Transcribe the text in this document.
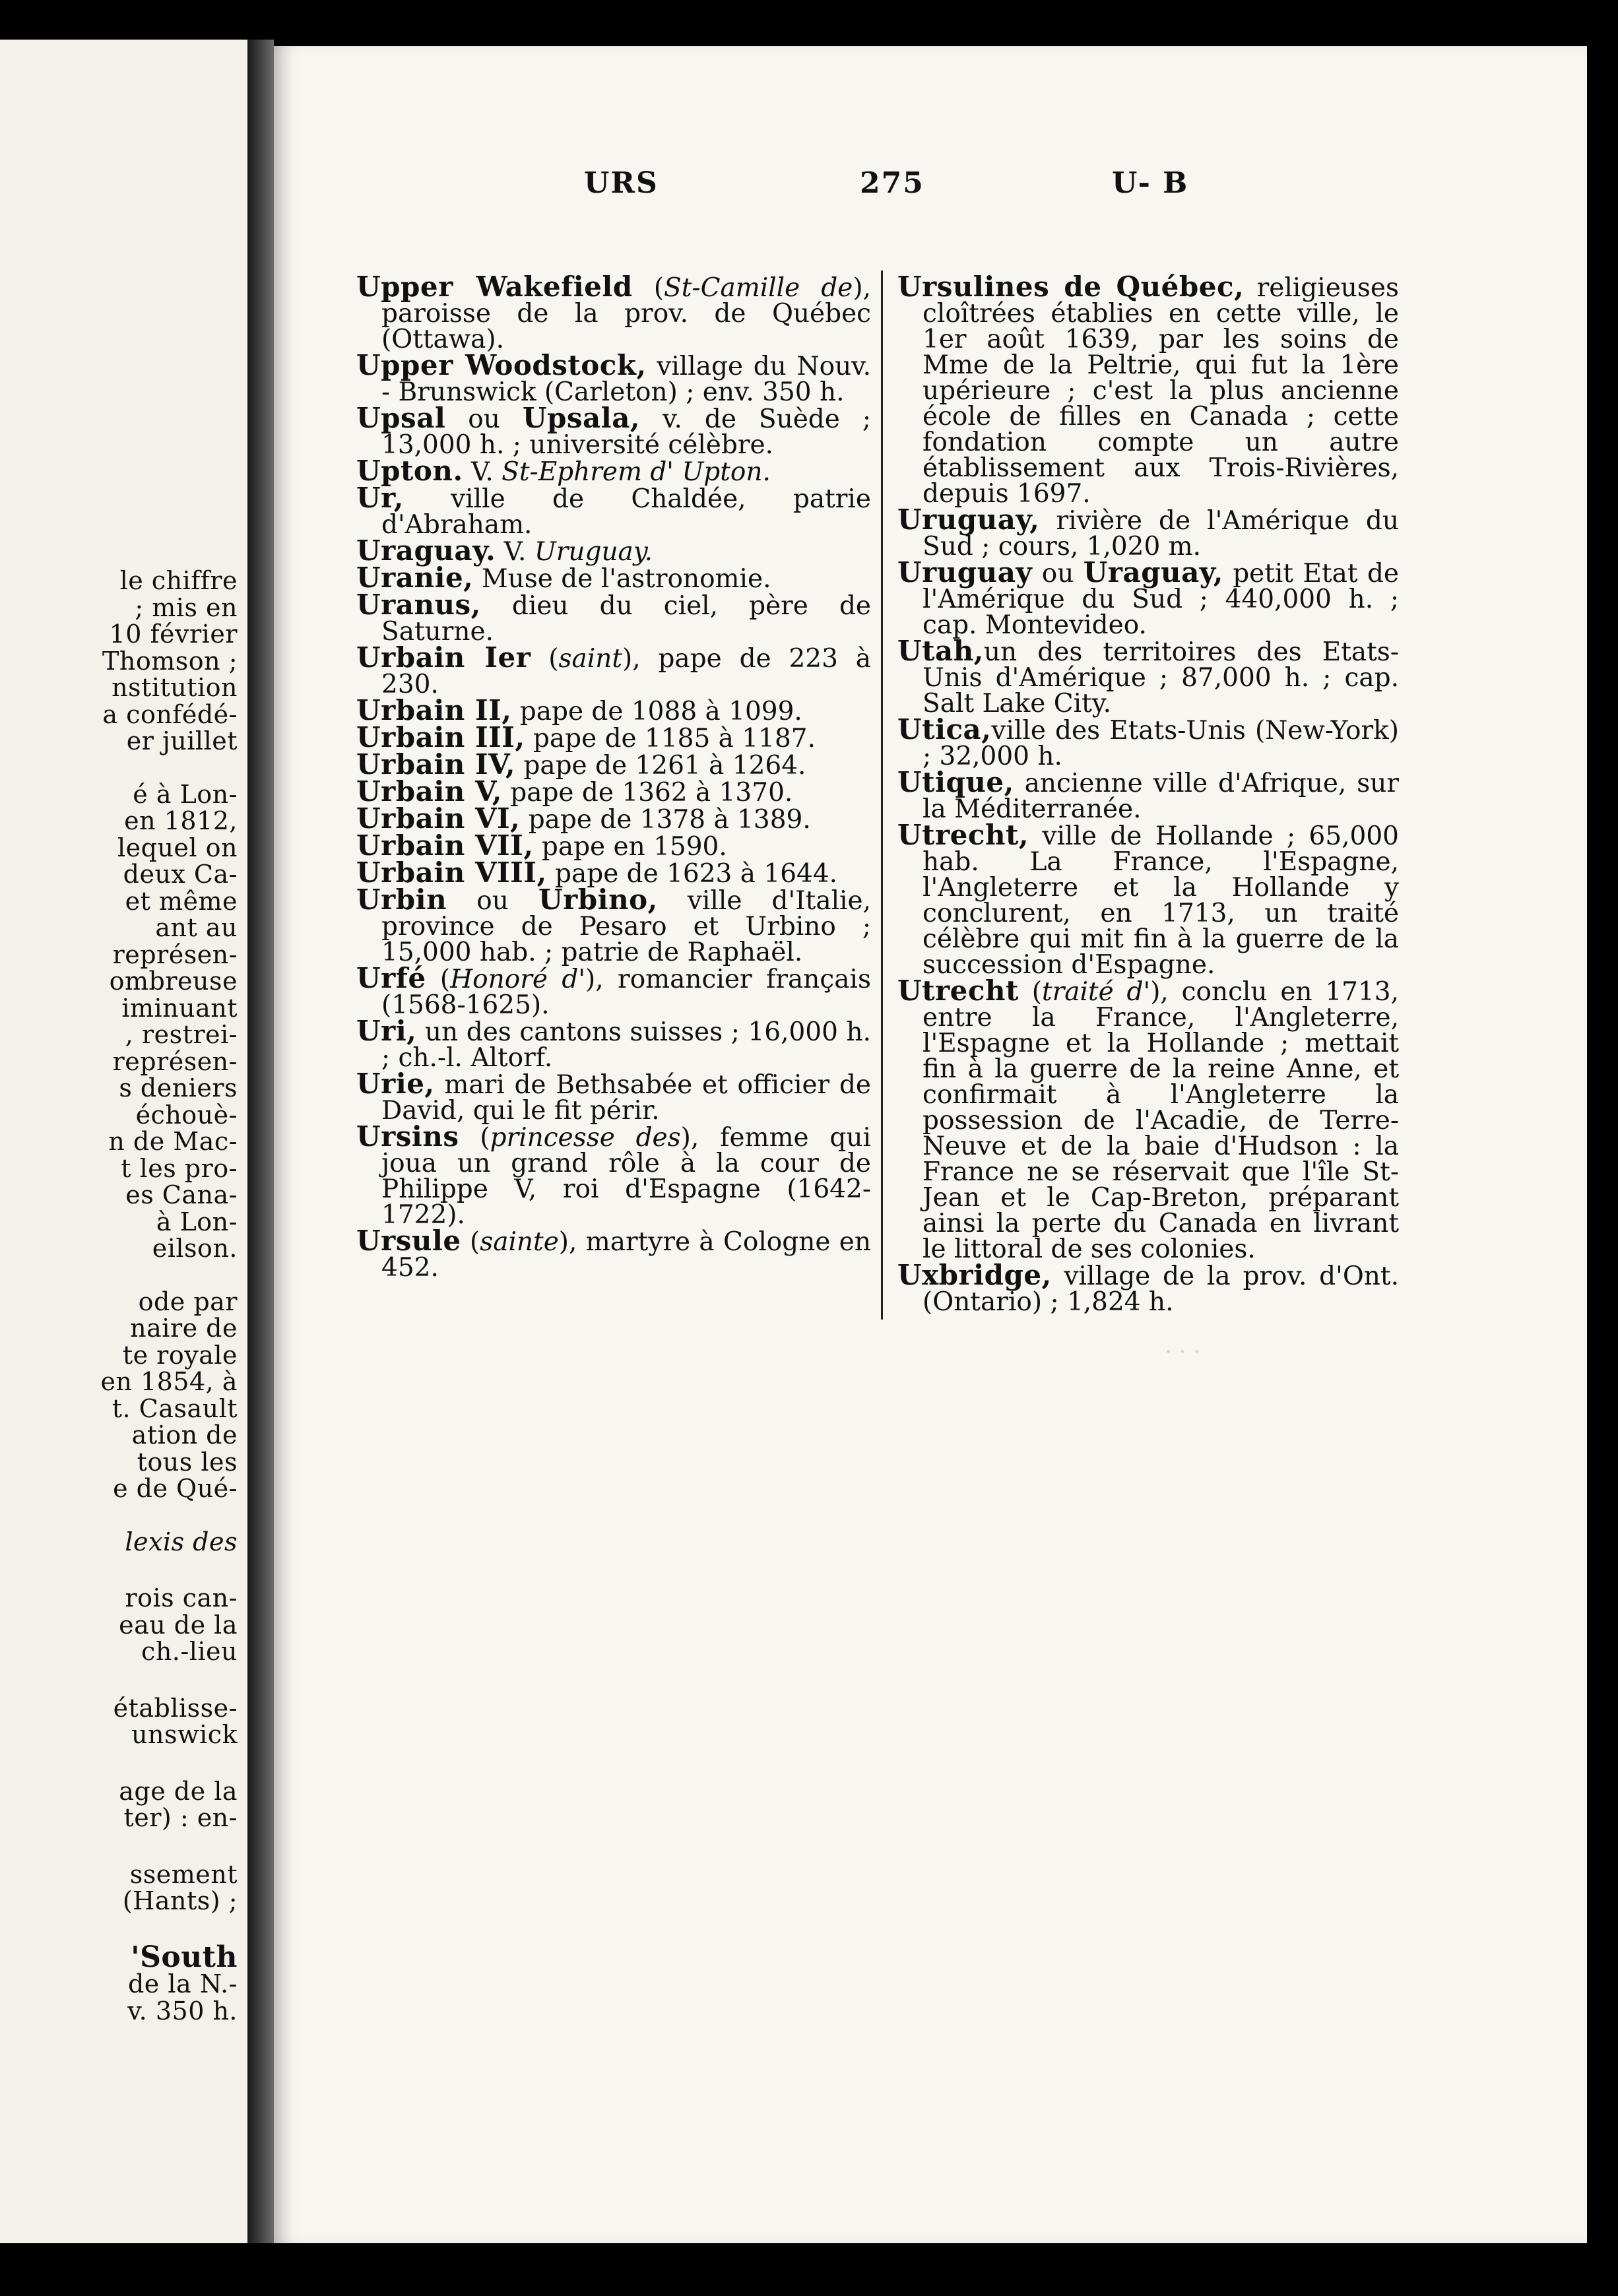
le chiffre
; mis en
10 février
Thomson ;
nstitution
a confédé-
er juillet
é à Lon-
en 1812,
lequel on
deux Ca-
et même
ant au
représen-
ombreuse
iminuant
, restrei-
représen-
s deniers
échouè-
n de Mac-
t les pro-
es Cana-
à Lon-
eilson.
ode par
naire de
te royale
en 1854, à
t. Casault
ation de
tous les
e de Qué-
lexis des
rois can-
eau de la
ch.-lieu
établisse-
unswick
age de la
ter) : en-
ssement
(Hants) ;
'South
de la N.-
v. 350 h.
URS	275	U- B
Upper Wakefield (St-Camille de), paroisse de la prov. de Québec (Ottawa).
Upper Woodstock, village du Nouv. - Brunswick (Carleton) ; env. 350 h.
Upsal ou Upsala, v. de Suède ; 13,000 h. ; université célèbre.
Upton. V. St-Ephrem d' Upton.
Ur, ville de Chaldée, patrie d'Abraham.
Uraguay. V. Uruguay.
Uranie, Muse de l'astronomie.
Uranus, dieu du ciel, père de Saturne.
Urbain Ier (saint), pape de 223 à 230.
Urbain II, pape de 1088 à 1099.
Urbain III, pape de 1185 à 1187.
Urbain IV, pape de 1261 à 1264.
Urbain V, pape de 1362 à 1370.
Urbain VI, pape de 1378 à 1389.
Urbain VII, pape en 1590.
Urbain VIII, pape de 1623 à 1644.
Urbin ou Urbino, ville d'Italie, province de Pesaro et Urbino ; 15,000 hab. ; patrie de Raphaël.
Urfé (Honoré d'), romancier français (1568-1625).
Uri, un des cantons suisses ; 16,000 h. ; ch.-l. Altorf.
Urie, mari de Bethsabée et officier de David, qui le fit périr.
Ursins (princesse des), femme qui joua un grand rôle à la cour de Philippe V, roi d'Espagne (1642-1722).
Ursule (sainte), martyre à Cologne en 452.
Ursulines de Québec, religieuses cloîtrées établies en cette ville, le 1er août 1639, par les soins de Mme de la Peltrie, qui fut la 1ère upérieure ; c'est la plus ancienne école de filles en Canada ; cette fondation compte un autre établissement aux Trois-Rivières, depuis 1697.
Uruguay, rivière de l'Amérique du Sud ; cours, 1,020 m.
Uruguay ou Uraguay, petit Etat de l'Amérique du Sud ; 440,000 h. ; cap. Montevideo.
Utah,un des territoires des Etats-Unis d'Amérique ; 87,000 h. ; cap. Salt Lake City.
Utica,ville des Etats-Unis (New-York) ; 32,000 h.
Utique, ancienne ville d'Afrique, sur la Méditerranée.
Utrecht, ville de Hollande ; 65,000 hab. La France, l'Espagne, l'Angleterre et la Hollande y conclurent, en 1713, un traité célèbre qui mit fin à la guerre de la succession d'Espagne.
Utrecht (traité d'), conclu en 1713, entre la France, l'Angleterre, l'Espagne et la Hollande ; mettait fin à la guerre de la reine Anne, et confirmait à l'Angleterre la possession de l'Acadie, de Terre-Neuve et de la baie d'Hudson : la France ne se réservait que l'île St-Jean et le Cap-Breton, préparant ainsi la perte du Canada en livrant le littoral de ses colonies.
Uxbridge, village de la prov. d'Ont. (Ontario) ; 1,824 h.
· · ·
